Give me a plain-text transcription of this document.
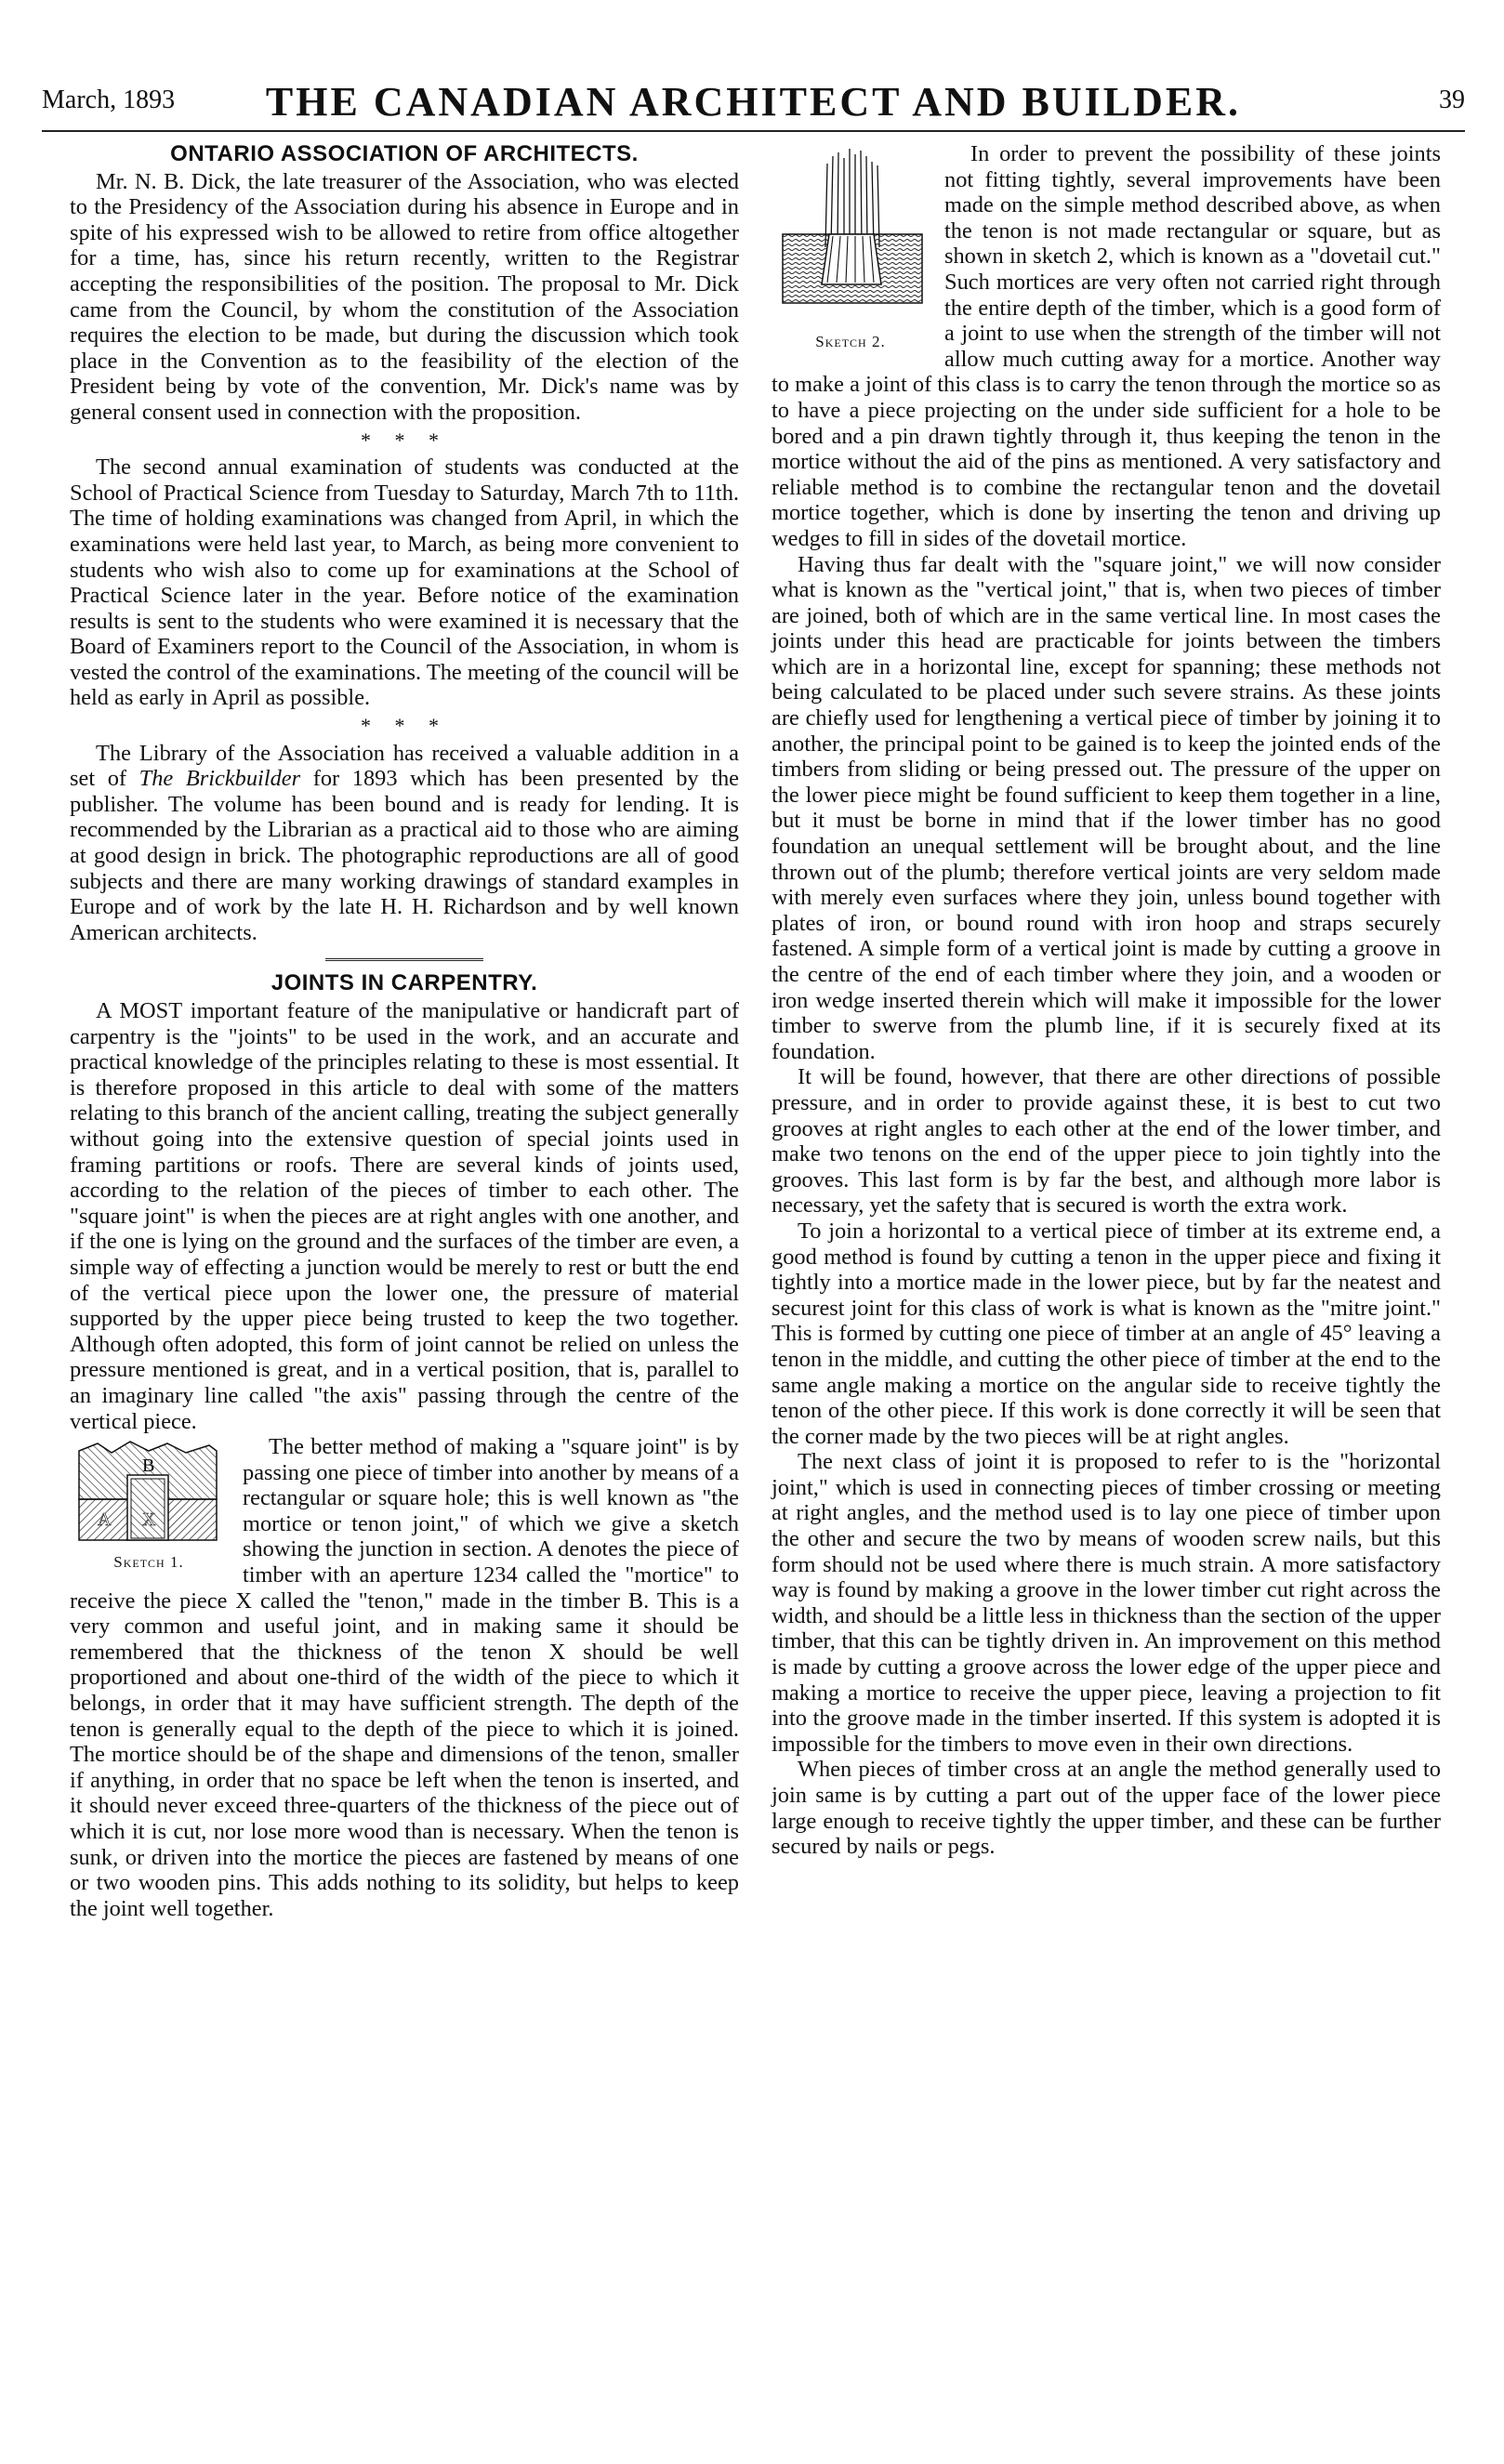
March, 1893	THE CANADIAN ARCHITECT AND BUILDER.	39
ONTARIO ASSOCIATION OF ARCHITECTS.

Mr. N. B. Dick, the late treasurer of the Association, who was elected to the Presidency of the Association during his absence in Europe and in spite of his expressed wish to be allowed to retire from office altogether for a time, has, since his return recently, written to the Registrar accepting the responsibilities of the position. The proposal to Mr. Dick came from the Council, by whom the constitution of the Association requires the election to be made, but during the discussion which took place in the Convention as to the feasibility of the election of the President being by vote of the convention, Mr. Dick's name was by general consent used in connection with the proposition.

* * *

The second annual examination of students was conducted at the School of Practical Science from Tuesday to Saturday, March 7th to 11th. The time of holding examinations was changed from April, in which the examinations were held last year, to March, as being more convenient to students who wish also to come up for examinations at the School of Practical Science later in the year. Before notice of the examination results is sent to the students who were examined it is necessary that the Board of Examiners report to the Council of the Association, in whom is vested the control of the examinations. The meeting of the council will be held as early in April as possible.

* * *

The Library of the Association has received a valuable addition in a set of The Brickbuilder for 1893 which has been presented by the publisher. The volume has been bound and is ready for lending. It is recommended by the Librarian as a practical aid to those who are aiming at good design in brick. The photographic reproductions are all of good subjects and there are many working drawings of standard examples in Europe and of work by the late H. H. Richardson and by well known American architects.

JOINTS IN CARPENTRY.

A MOST important feature of the manipulative or handicraft part of carpentry is the "joints" to be used in the work, and an accurate and practical knowledge of the principles relating to these is most essential. It is therefore proposed in this article to deal with some of the matters relating to this branch of the ancient calling, treating the subject generally without going into the extensive question of special joints used in framing partitions or roofs. There are several kinds of joints used, according to the relation of the pieces of timber to each other. The "square joint" is when the pieces are at right angles with one another, and if the one is lying on the ground and the surfaces of the timber are even, a simple way of effecting a junction would be merely to rest or butt the end of the vertical piece upon the lower one, the pressure of material supported by the upper piece being trusted to keep the two together. Although often adopted, this form of joint cannot be relied on unless the pressure mentioned is great, and in a vertical position, that is, parallel to an imaginary line called "the axis" passing through the centre of the vertical piece.

B
A X
Sketch 1.
The better method of making a "square joint" is by passing one piece of timber into another by means of a rectangular or square hole; this is well known as "the mortice or tenon joint," of which we give a sketch showing the junction in section. A denotes the piece of timber with an aperture 1234 called the "mortice" to receive the piece X called the "tenon," made in the timber B. This is a very common and useful joint, and in making same it should be remembered that the thickness of the tenon X should be well proportioned and about one-third of the width of the piece to which it belongs, in order that it may have sufficient strength. The depth of the tenon is generally equal to the depth of the piece to which it is joined. The mortice should be of the shape and dimensions of the tenon, smaller if anything, in order that no space be left when the tenon is inserted, and it should never exceed three-quarters of the thickness of the piece out of which it is cut, nor lose more wood than is necessary. When the tenon is sunk, or driven into the mortice the pieces are fastened by means of one or two wooden pins. This adds nothing to its solidity, but helps to keep the joint well together.

Sketch 2.
In order to prevent the possibility of these joints not fitting tightly, several improvements have been made on the simple method described above, as when the tenon is not made rectangular or square, but as shown in sketch 2, which is known as a "dovetail cut." Such mortices are very often not carried right through the entire depth of the timber, which is a good form of a joint to use when the strength of the timber will not allow much cutting away for a mortice. Another way to make a joint of this class is to carry the tenon through the mortice so as to have a piece projecting on the under side sufficient for a hole to be bored and a pin drawn tightly through it, thus keeping the tenon in the mortice without the aid of the pins as mentioned. A very satisfactory and reliable method is to combine the rectangular tenon and the dovetail mortice together, which is done by inserting the tenon and driving up wedges to fill in sides of the dovetail mortice.

Having thus far dealt with the "square joint," we will now consider what is known as the "vertical joint," that is, when two pieces of timber are joined, both of which are in the same vertical line. In most cases the joints under this head are practicable for joints between the timbers which are in a horizontal line, except for spanning; these methods not being calculated to be placed under such severe strains. As these joints are chiefly used for lengthening a vertical piece of timber by joining it to another, the principal point to be gained is to keep the jointed ends of the timbers from sliding or being pressed out. The pressure of the upper on the lower piece might be found sufficient to keep them together in a line, but it must be borne in mind that if the lower timber has no good foundation an unequal settlement will be brought about, and the line thrown out of the plumb; therefore vertical joints are very seldom made with merely even surfaces where they join, unless bound together with plates of iron, or bound round with iron hoop and straps securely fastened. A simple form of a vertical joint is made by cutting a groove in the centre of the end of each timber where they join, and a wooden or iron wedge inserted therein which will make it impossible for the lower timber to swerve from the plumb line, if it is securely fixed at its foundation.

It will be found, however, that there are other directions of possible pressure, and in order to provide against these, it is best to cut two grooves at right angles to each other at the end of the lower timber, and make two tenons on the end of the upper piece to join tightly into the grooves. This last form is by far the best, and although more labor is necessary, yet the safety that is secured is worth the extra work.

To join a horizontal to a vertical piece of timber at its extreme end, a good method is found by cutting a tenon in the upper piece and fixing it tightly into a mortice made in the lower piece, but by far the neatest and securest joint for this class of work is what is known as the "mitre joint." This is formed by cutting one piece of timber at an angle of 45° leaving a tenon in the middle, and cutting the other piece of timber at the end to the same angle making a mortice on the angular side to receive tightly the tenon of the other piece. If this work is done correctly it will be seen that the corner made by the two pieces will be at right angles.

The next class of joint it is proposed to refer to is the "horizontal joint," which is used in connecting pieces of timber crossing or meeting at right angles, and the method used is to lay one piece of timber upon the other and secure the two by means of wooden screw nails, but this form should not be used where there is much strain. A more satisfactory way is found by making a groove in the lower timber cut right across the width, and should be a little less in thickness than the section of the upper timber, that this can be tightly driven in. An improvement on this method is made by cutting a groove across the lower edge of the upper piece and making a mortice to receive the upper piece, leaving a projection to fit into the groove made in the timber inserted. If this system is adopted it is impossible for the timbers to move even in their own directions.

When pieces of timber cross at an angle the method generally used to join same is by cutting a part out of the upper face of the lower piece large enough to receive tightly the upper timber, and these can be further secured by nails or pegs.
